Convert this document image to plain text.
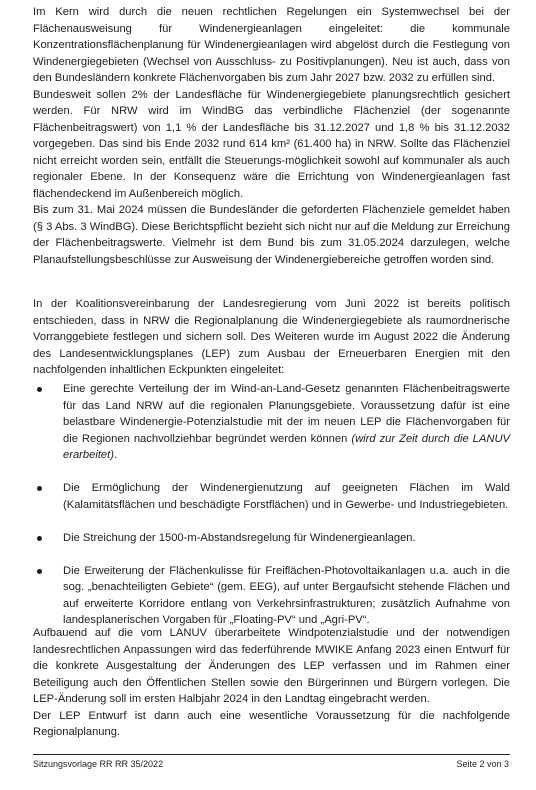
Im Kern wird durch die neuen rechtlichen Regelungen ein Systemwechsel bei der Flächenausweisung für Windenergieanlagen eingeleitet: die kommunale Konzentrationsflächenplanung für Windenergieanlagen wird abgelöst durch die Festlegung von Windenergiegebieten (Wechsel von Ausschluss- zu Positivplanungen). Neu ist auch, dass von den Bundesländern konkrete Flächenvorgaben bis zum Jahr 2027 bzw. 2032 zu erfüllen sind.
Bundesweit sollen 2% der Landesfläche für Windenergiegebiete planungsrechtlich gesichert werden. Für NRW wird im WindBG das verbindliche Flächenziel (der sogenannte Flächenbeitragswert) von 1,1 % der Landesfläche bis 31.12.2027 und 1,8 % bis 31.12.2032 vorgegeben. Das sind bis Ende 2032 rund 614 km² (61.400 ha) in NRW. Sollte das Flächenziel nicht erreicht worden sein, entfällt die Steuerungs-möglichkeit sowohl auf kommunaler als auch regionaler Ebene. In der Konsequenz wäre die Errichtung von Windenergieanlagen fast flächendeckend im Außenbereich möglich.
Bis zum 31. Mai 2024 müssen die Bundesländer die geforderten Flächenziele gemeldet haben (§ 3 Abs. 3 WindBG). Diese Berichtspflicht bezieht sich nicht nur auf die Meldung zur Erreichung der Flächenbeitragswerte. Vielmehr ist dem Bund bis zum 31.05.2024 darzulegen, welche Planaufstellungsbeschlüsse zur Ausweisung der Windenergiebereiche getroffen worden sind.

In der Koalitionsvereinbarung der Landesregierung vom Juni 2022 ist bereits politisch entschieden, dass in NRW die Regionalplanung die Windenergiegebiete als raumordnerische Vorranggebiete festlegen und sichern soll. Des Weiteren wurde im August 2022 die Änderung des Landesentwicklungsplanes (LEP) zum Ausbau der Erneuerbaren Energien mit den nachfolgenden inhaltlichen Eckpunkten eingeleitet:

Eine gerechte Verteilung der im Wind-an-Land-Gesetz genannten Flächenbeitragswerte für das Land NRW auf die regionalen Planungsgebiete. Voraussetzung dafür ist eine belastbare Windenergie-Potenzialstudie mit der im neuen LEP die Flächenvorgaben für die Regionen nachvollziehbar begründet werden können (wird zur Zeit durch die LANUV erarbeitet).
Die Ermöglichung der Windenergienutzung auf geeigneten Flächen im Wald (Kalamitätsflächen und beschädigte Forstflächen) und in Gewerbe- und Industriegebieten.
Die Streichung der 1500-m-Abstandsregelung für Windenergieanlagen.
Die Erweiterung der Flächenkulisse für Freiflächen-Photovoltaikanlagen u.a. auch in die sog. „benachteiligten Gebiete“ (gem. EEG), auf unter Bergaufsicht stehende Flächen und auf erweiterte Korridore entlang von Verkehrsinfrastrukturen; zusätzlich Aufnahme von landesplanerischen Vorgaben für „Floating-PV“ und „Agri-PV“.

Aufbauend auf die vom LANUV überarbeitete Windpotenzialstudie und der notwendigen landesrechtlichen Anpassungen wird das federführende MWIKE Anfang 2023 einen Entwurf für die konkrete Ausgestaltung der Änderungen des LEP verfassen und im Rahmen einer Beteiligung auch den Öffentlichen Stellen sowie den Bürgerinnen und Bürgern vorlegen. Die LEP-Änderung soll im ersten Halbjahr 2024 in den Landtag eingebracht werden.
Der LEP Entwurf ist dann auch eine wesentliche Voraussetzung für die nachfolgende Regionalplanung.

Sitzungsvorlage RR RR 35/2022	Seite 2 von 3
